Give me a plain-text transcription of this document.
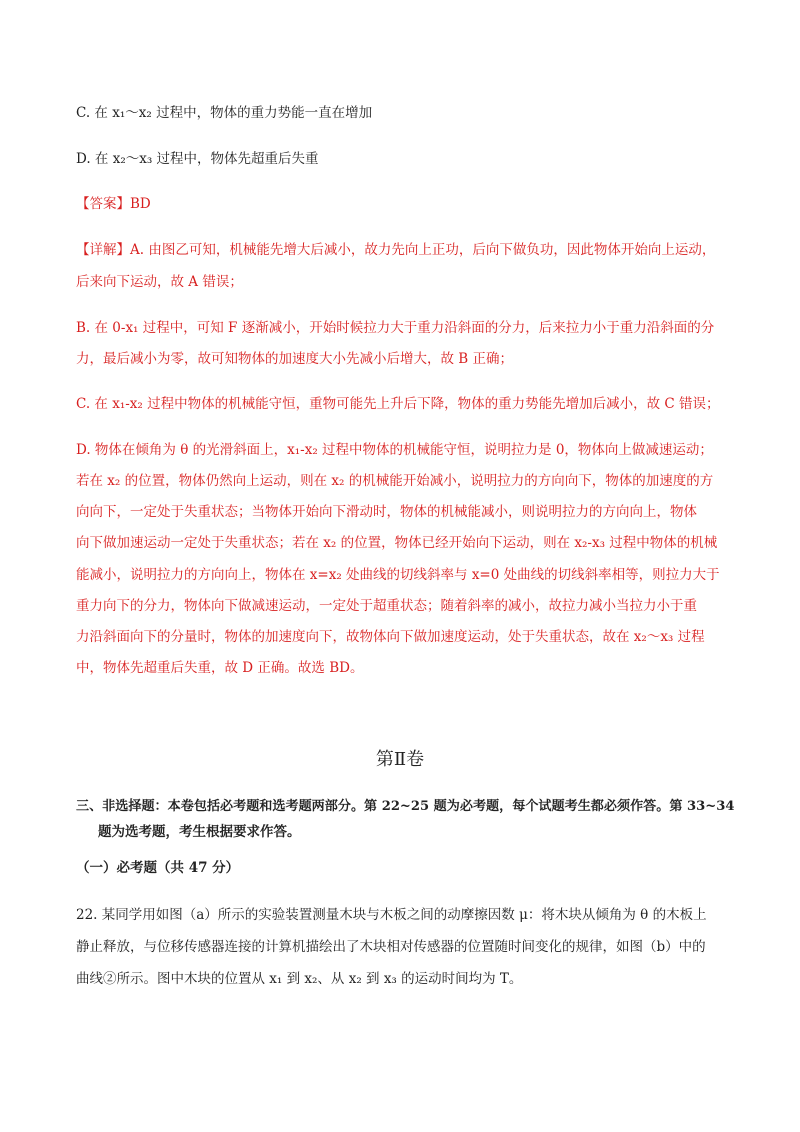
C. 在 x₁～x₂ 过程中，物体的重力势能一直在增加
D. 在 x₂～x₃ 过程中，物体先超重后失重
【答案】BD
【详解】A. 由图乙可知，机械能先增大后减小，故力先向上正功，后向下做负功，因此物体开始向上运动，
后来向下运动，故 A 错误；
B. 在 0-x₁ 过程中，可知 F 逐渐减小，开始时候拉力大于重力沿斜面的分力，后来拉力小于重力沿斜面的分
力，最后减小为零，故可知物体的加速度大小先减小后增大，故 B 正确；
C. 在 x₁-x₂ 过程中物体的机械能守恒，重物可能先上升后下降，物体的重力势能先增加后减小，故 C 错误；
D. 物体在倾角为 θ 的光滑斜面上，x₁-x₂ 过程中物体的机械能守恒，说明拉力是 0，物体向上做减速运动；
若在 x₂ 的位置，物体仍然向上运动，则在 x₂ 的机械能开始减小，说明拉力的方向向下，物体的加速度的方
向向下，一定处于失重状态；当物体开始向下滑动时，物体的机械能减小，则说明拉力的方向向上，物体
向下做加速运动一定处于失重状态；若在 x₂ 的位置，物体已经开始向下运动，则在 x₂-x₃ 过程中物体的机械
能减小，说明拉力的方向向上，物体在 x=x₂ 处曲线的切线斜率与 x=0 处曲线的切线斜率相等，则拉力大于
重力向下的分力，物体向下做减速运动，一定处于超重状态；随着斜率的减小，故拉力减小当拉力小于重
力沿斜面向下的分量时，物体的加速度向下，故物体向下做加速度运动，处于失重状态，故在 x₂～x₃ 过程
中，物体先超重后失重，故 D 正确。故选 BD。
第Ⅱ卷
三、非选择题：本卷包括必考题和选考题两部分。第 22~25 题为必考题，每个试题考生都必须作答。第 33~34
题为选考题，考生根据要求作答。
（一）必考题（共 47 分）
22. 某同学用如图（a）所示的实验装置测量木块与木板之间的动摩擦因数 μ：将木块从倾角为 θ 的木板上
静止释放，与位移传感器连接的计算机描绘出了木块相对传感器的位置随时间变化的规律，如图（b）中的
曲线②所示。图中木块的位置从 x₁ 到 x₂、从 x₂ 到 x₃ 的运动时间均为 T。
